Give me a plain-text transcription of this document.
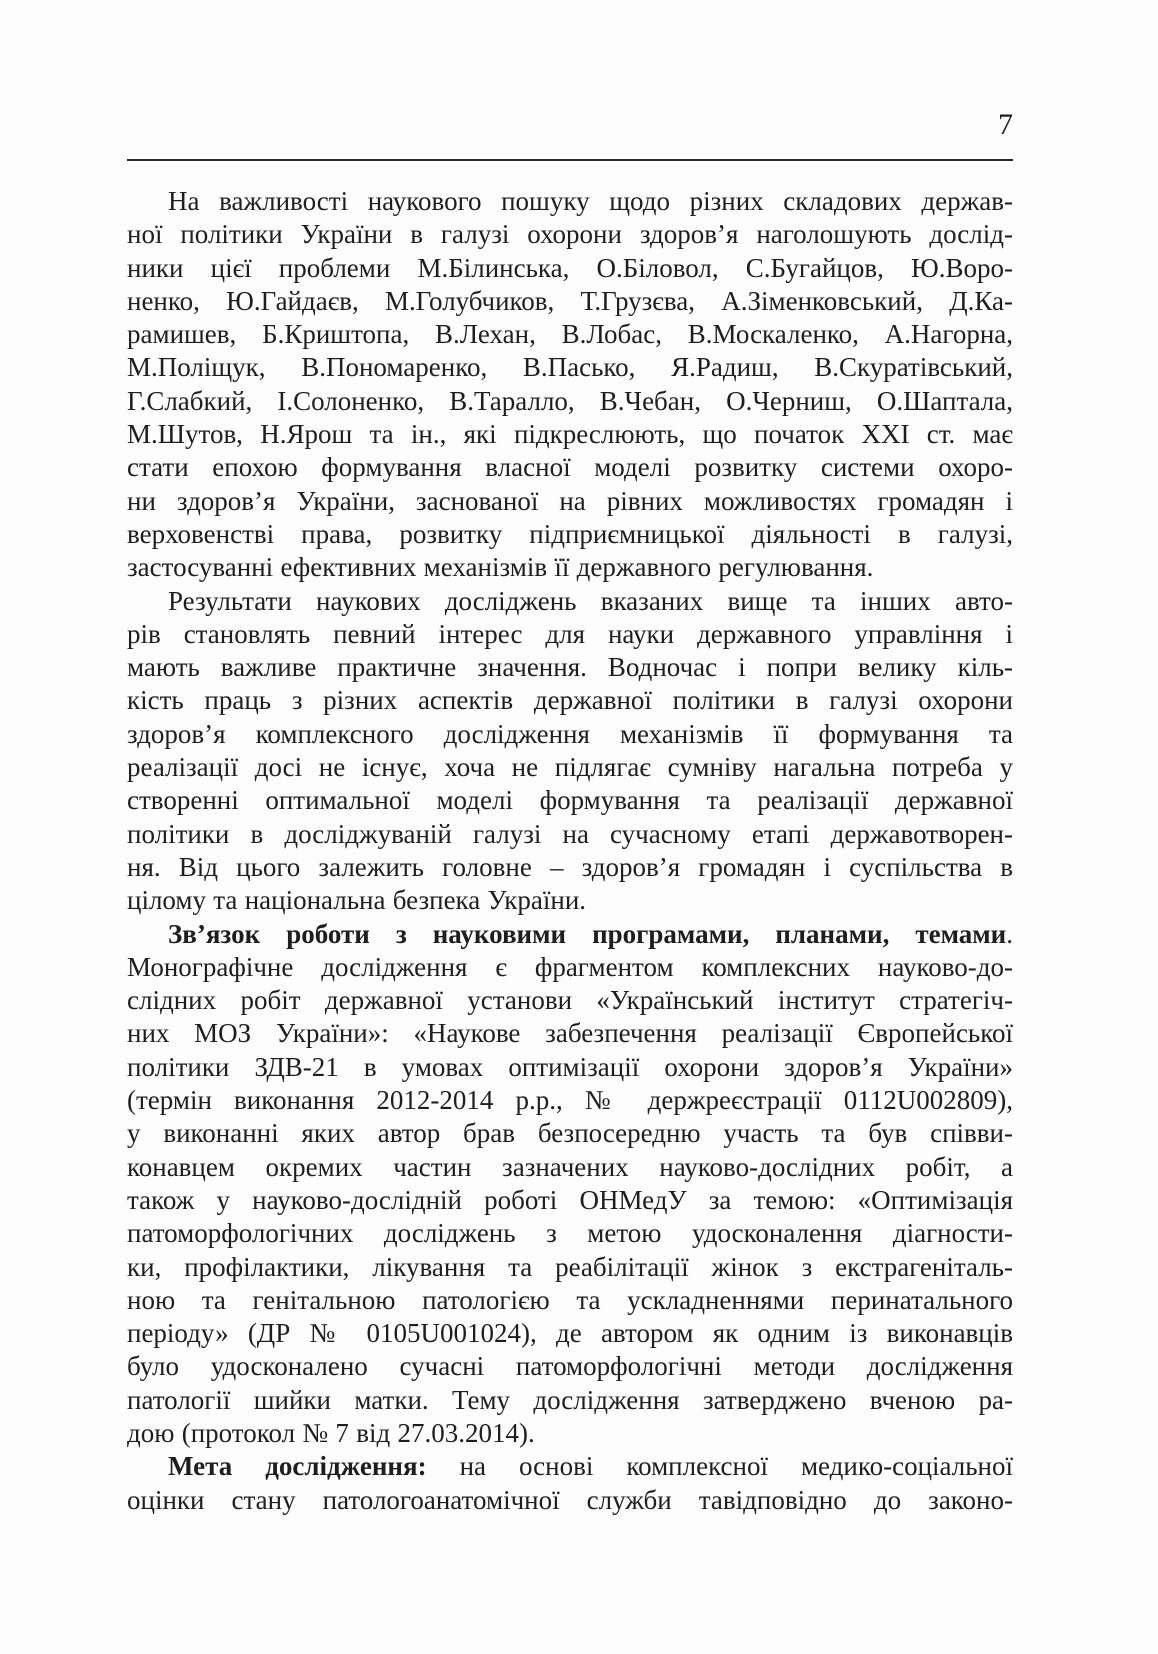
7
На важливості наукового пошуку щодо різних складових держав-
ної політики України в галузі охорони здоров’я наголошують дослід-
ники цієї проблеми М.Білинська, О.Біловол, С.Бугайцов, Ю.Воро-
ненко, Ю.Гайдаєв, М.Голубчиков, Т.Грузєва, А.Зіменковський, Д.Ка-
рамишев, Б.Криштопа, В.Лехан, В.Лобас, В.Москаленко, А.Нагорна,
М.Поліщук, В.Пономаренко, В.Пасько, Я.Радиш, В.Скуратівський,
Г.Слабкий, І.Солоненко, В.Таралло, В.Чебан, О.Черниш, О.Шаптала,
М.Шутов, Н.Ярош та ін., які підкреслюють, що початок XXI ст. має
стати епохою формування власної моделі розвитку системи охоро-
ни здоров’я України, заснованої на рівних можливостях громадян і
верховенстві права, розвитку підприємницької діяльності в галузі,
застосуванні ефективних механізмів її державного регулювання.
Результати наукових досліджень вказаних вище та інших авто-
рів становлять певний інтерес для науки державного управління і
мають важливе практичне значення. Водночас і попри велику кіль-
кість праць з різних аспектів державної політики в галузі охорони
здоров’я комплексного дослідження механізмів її формування та
реалізації досі не існує, хоча не підлягає сумніву нагальна потреба у
створенні оптимальної моделі формування та реалізації державної
політики в досліджуваній галузі на сучасному етапі державотворен-
ня. Від цього залежить головне – здоров’я громадян і суспільства в
цілому та національна безпека України.
Зв’язок роботи з науковими програмами, планами, темами.
Монографічне дослідження є фрагментом комплексних науково-до-
слідних робіт державної установи «Український інститут стратегіч-
них МОЗ України»: «Наукове забезпечення реалізації Європейської
політики ЗДВ-21 в умовах оптимізації охорони здоров’я України»
(термін виконання 2012-2014 р.р., № держреєстрації 0112U002809),
у виконанні яких автор брав безпосередню участь та був співви-
конавцем окремих частин зазначених науково-дослідних робіт, а
також у науково-дослідній роботі ОНМедУ за темою: «Оптимізація
патоморфологічних досліджень з метою удосконалення діагности-
ки, профілактики, лікування та реабілітації жінок з екстрагеніталь-
ною та генітальною патологією та ускладненнями перинатального
періоду» (ДР № 0105U001024), де автором як одним із виконавців
було удосконалено сучасні патоморфологічні методи дослідження
патології шийки матки. Тему дослідження затверджено вченою ра-
дою (протокол № 7 від 27.03.2014).
Мета дослідження: на основі комплексної медико-соціальної
оцінки стану патологоанатомічної служби тавідповідно до законо-
